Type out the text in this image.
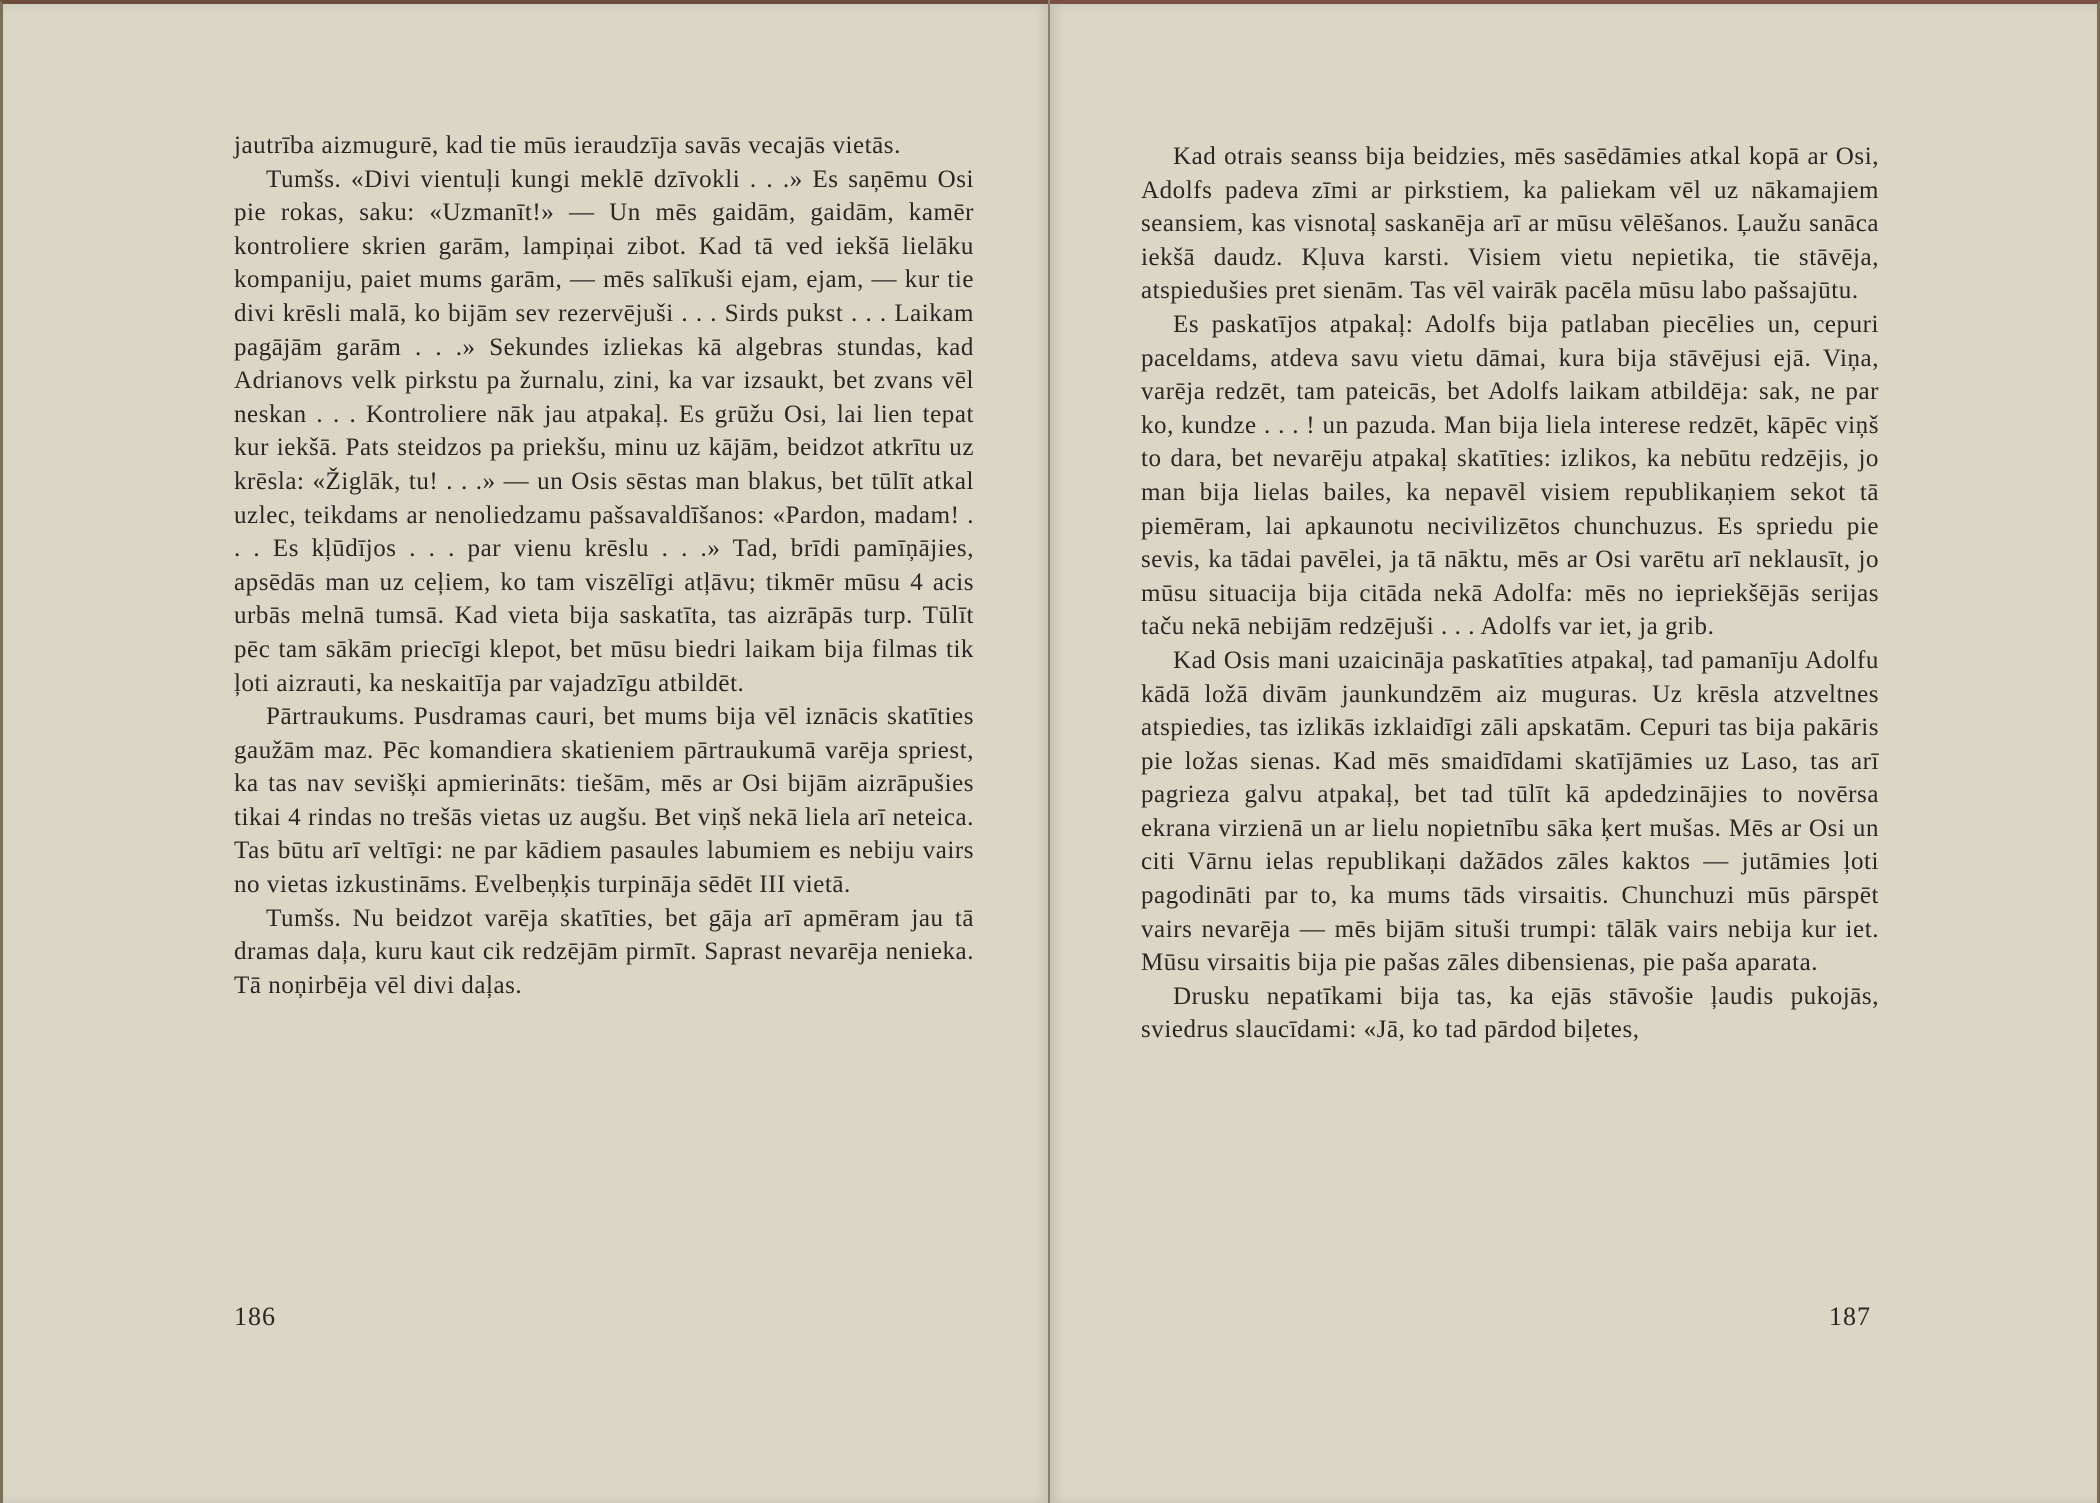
jautrība aizmugurē, kad tie mūs ieraudzīja savās vecajās vietās.

Tumšs. «Divi vientuļi kungi meklē dzīvokli . . .» Es saņēmu Osi pie rokas, saku: «Uzmanīt!» — Un mēs gaidām, gaidām, kamēr kontroliere skrien garām, lampiņai zibot. Kad tā ved iekšā lielāku kompaniju, paiet mums garām, — mēs salīkuši ejam, ejam, — kur tie divi krēsli malā, ko bijām sev rezervējuši . . . Sirds pukst . . . Laikam pagājām garām . . .» Sekundes izliekas kā algebras stundas, kad Adrianovs velk pirkstu pa žurnalu, zini, ka var izsaukt, bet zvans vēl neskan . . . Kontroliere nāk jau atpakaļ. Es grūžu Osi, lai lien tepat kur iekšā. Pats steidzos pa priekšu, minu uz kājām, beidzot atkrītu uz krēsla: «Žiglāk, tu! . . .» — un Osis sēstas man blakus, bet tūlīt atkal uzlec, teikdams ar nenoliedzamu pašsavaldīšanos: «Pardon, madam! . . . Es kļūdījos . . . par vienu krēslu . . .» Tad, brīdi pamīņājies, apsēdās man uz ceļiem, ko tam viszēlīgi atļāvu; tikmēr mūsu 4 acis urbās melnā tumsā. Kad vieta bija saskatīta, tas aizrāpās turp. Tūlīt pēc tam sākām priecīgi klepot, bet mūsu biedri laikam bija filmas tik ļoti aizrauti, ka neskaitīja par vajadzīgu atbildēt.

Pārtraukums. Pusdramas cauri, bet mums bija vēl iznācis skatīties gaužām maz. Pēc komandiera skatieniem pārtraukumā varēja spriest, ka tas nav sevišķi apmierināts: tiešām, mēs ar Osi bijām aizrāpušies tikai 4 rindas no trešās vietas uz augšu. Bet viņš nekā liela arī neteica. Tas būtu arī veltīgi: ne par kādiem pasaules labumiem es nebiju vairs no vietas izkustināms. Evelbeņķis turpināja sēdēt III vietā.

Tumšs. Nu beidzot varēja skatīties, bet gāja arī apmēram jau tā dramas daļa, kuru kaut cik redzējām pirmīt. Saprast nevarēja nenieka. Tā noņirbēja vēl divi daļas.

186

Kad otrais seanss bija beidzies, mēs sasēdāmies atkal kopā ar Osi, Adolfs padeva zīmi ar pirkstiem, ka paliekam vēl uz nākamajiem seansiem, kas visnotaļ saskanēja arī ar mūsu vēlēšanos. Ļaužu sanāca iekšā daudz. Kļuva karsti. Visiem vietu nepietika, tie stāvēja, atspiedušies pret sienām. Tas vēl vairāk pacēla mūsu labo pašsajūtu.

Es paskatījos atpakaļ: Adolfs bija patlaban piecēlies un, cepuri paceldams, atdeva savu vietu dāmai, kura bija stāvējusi ejā. Viņa, varēja redzēt, tam pateicās, bet Adolfs laikam atbildēja: sak, ne par ko, kundze . . . ! un pazuda. Man bija liela interese redzēt, kāpēc viņš to dara, bet nevarēju atpakaļ skatīties: izlikos, ka nebūtu redzējis, jo man bija lielas bailes, ka nepavēl visiem republikaņiem sekot tā piemēram, lai apkaunotu necivilizētos chunchuzus. Es spriedu pie sevis, ka tādai pavēlei, ja tā nāktu, mēs ar Osi varētu arī neklausīt, jo mūsu situacija bija citāda nekā Adolfa: mēs no iepriekšējās serijas taču nekā nebijām redzējuši . . . Adolfs var iet, ja grib.

Kad Osis mani uzaicināja paskatīties atpakaļ, tad pamanīju Adolfu kādā ložā divām jaunkundzēm aiz muguras. Uz krēsla atzveltnes atspiedies, tas izlikās izklaidīgi zāli apskatām. Cepuri tas bija pakāris pie ložas sienas. Kad mēs smaidīdami skatījāmies uz Laso, tas arī pagrieza galvu atpakaļ, bet tad tūlīt kā apdedzinājies to novērsa ekrana virzienā un ar lielu nopietnību sāka ķert mušas. Mēs ar Osi un citi Vārnu ielas republikaņi dažādos zāles kaktos — jutāmies ļoti pagodināti par to, ka mums tāds virsaitis. Chunchuzi mūs pārspēt vairs nevarēja — mēs bijām situši trumpi: tālāk vairs nebija kur iet. Mūsu virsaitis bija pie pašas zāles dibensienas, pie paša aparata.

Drusku nepatīkami bija tas, ka ejās stāvošie ļaudis pukojās, sviedrus slaucīdami: «Jā, ko tad pārdod biļetes,

187
